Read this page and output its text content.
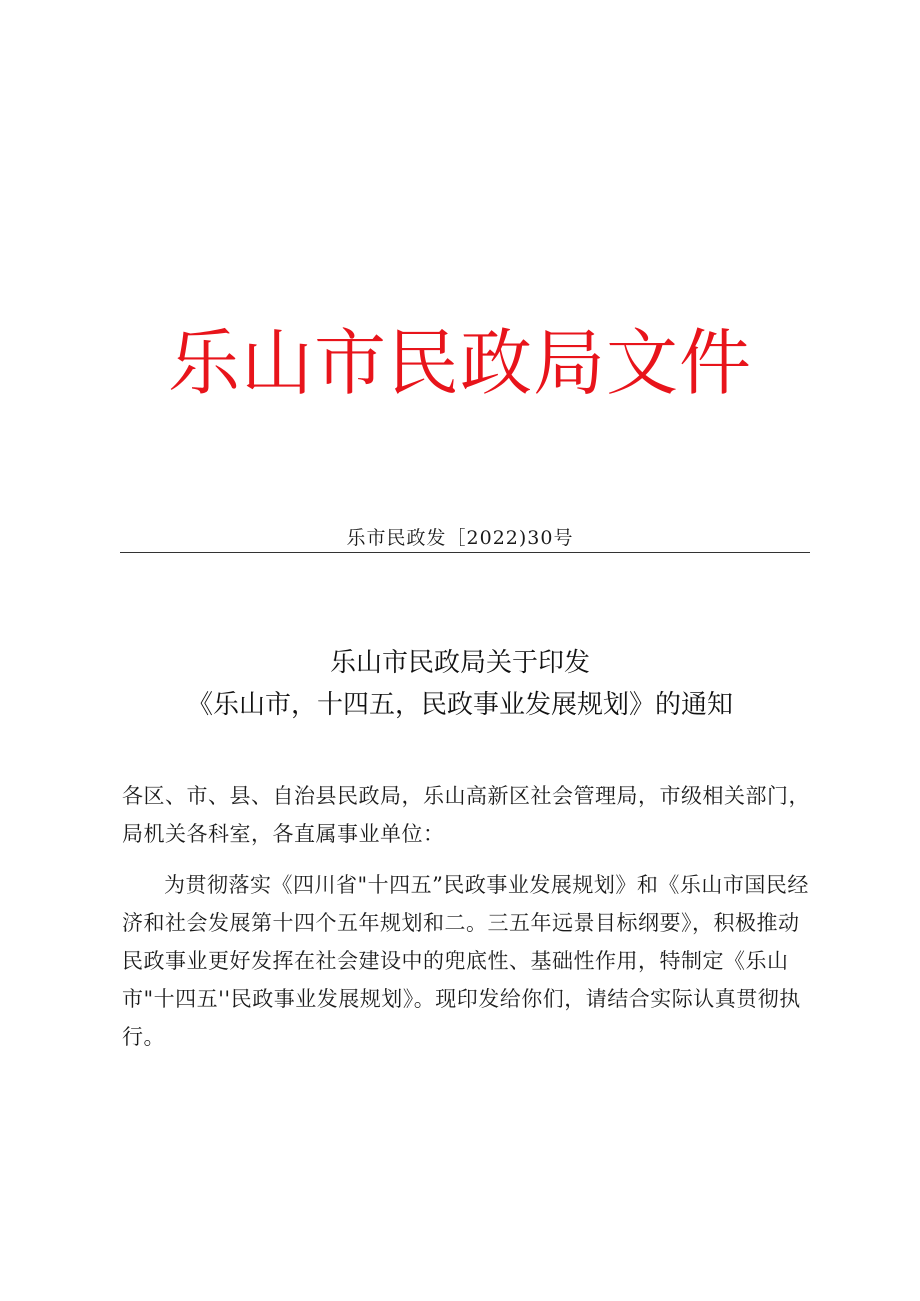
乐山市民政局文件
乐市民政发［2022)30号
乐山市民政局关于印发
《乐山市，十四五，民政事业发展规划》的通知
各区、市、县、自治县民政局，乐山高新区社会管理局，市级相关部门，局机关各科室，各直属事业单位：
为贯彻落实《四川省"十四五”民政事业发展规划》和《乐山市国民经济和社会发展第十四个五年规划和二。三五年远景目标纲要》，积极推动民政事业更好发挥在社会建设中的兜底性、基础性作用，特制定《乐山市"十四五''民政事业发展规划》。现印发给你们，请结合实际认真贯彻执行。
